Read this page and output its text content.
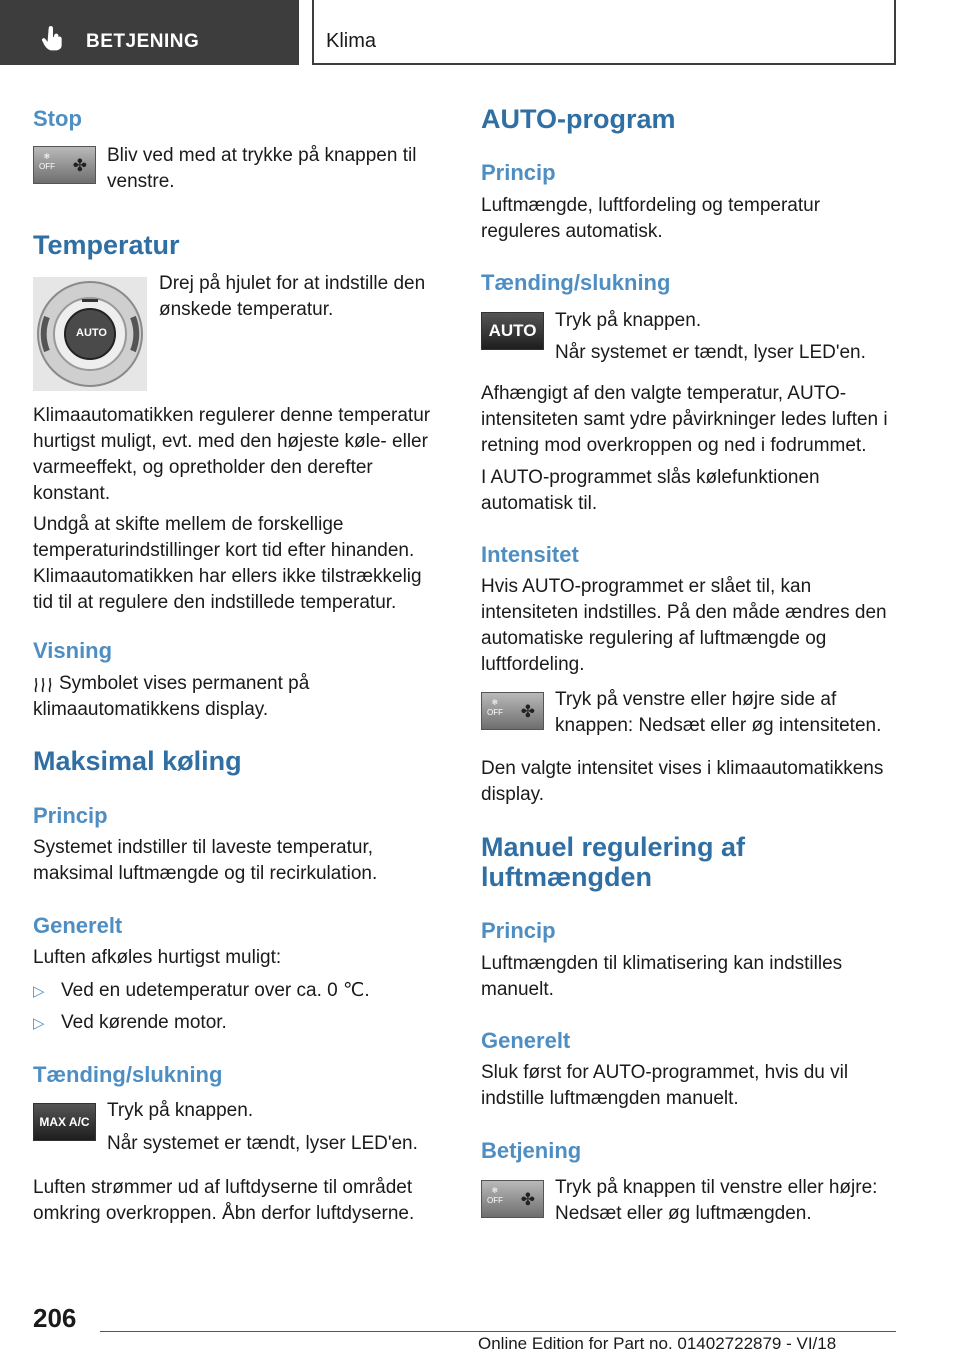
BETJENING	Klima
Stop
❄
OFF ✤ Bliv ved med at trykke på knappen til venstre.
Temperatur
AUTO
Drej på hjulet for at indstille den ønskede temperatur.
Klimaautomatikken regulerer denne temperatur hurtigst muligt, evt. med den højeste køle- eller varmeeffekt, og opretholder den derefter konstant.
Undgå at skifte mellem de forskellige temperaturindstillinger kort tid efter hinanden. Klimaautomatikken har ellers ikke tilstrækkelig tid til at regulere den indstillede temperatur.
Visning
Symbolet vises permanent på klimaautomatikkens display.
Maksimal køling
Princip
Systemet indstiller til laveste temperatur, maksimal luftmængde og til recirkulation.
Generelt
Luften afkøles hurtigst muligt:
▷ Ved en udetemperatur over ca. 0 ℃.
▷ Ved kørende motor.
Tænding/slukning
MAX A/C
Tryk på knappen.
Når systemet er tændt, lyser LED'en.
Luften strømmer ud af luftdyserne til området omkring overkroppen. Åbn derfor luftdyserne.
AUTO-program
Princip
Luftmængde, luftfordeling og temperatur reguleres automatisk.
Tænding/slukning
AUTO Tryk på knappen.
Når systemet er tændt, lyser LED'en.
Afhængigt af den valgte temperatur, AUTO-intensiteten samt ydre påvirkninger ledes luften i retning mod overkroppen og ned i fodrummet.
I AUTO-programmet slås kølefunktionen automatisk til.
Intensitet
Hvis AUTO-programmet er slået til, kan intensiteten indstilles. På den måde ændres den automatiske regulering af luftmængde og luftfordeling.
❄
OFF ✤
Tryk på venstre eller højre side af knappen: Nedsæt eller øg intensiteten.
Den valgte intensitet vises i klimaautomatikkens display.
Manuel regulering af
luftmængden
Princip
Luftmængden til klimatisering kan indstilles manuelt.
Generelt
Sluk først for AUTO-programmet, hvis du vil indstille luftmængden manuelt.
Betjening
❄
OFF ✤
Tryk på knappen til venstre eller højre: Nedsæt eller øg luftmængden.
206
Online Edition for Part no. 01402722879 - VI/18
